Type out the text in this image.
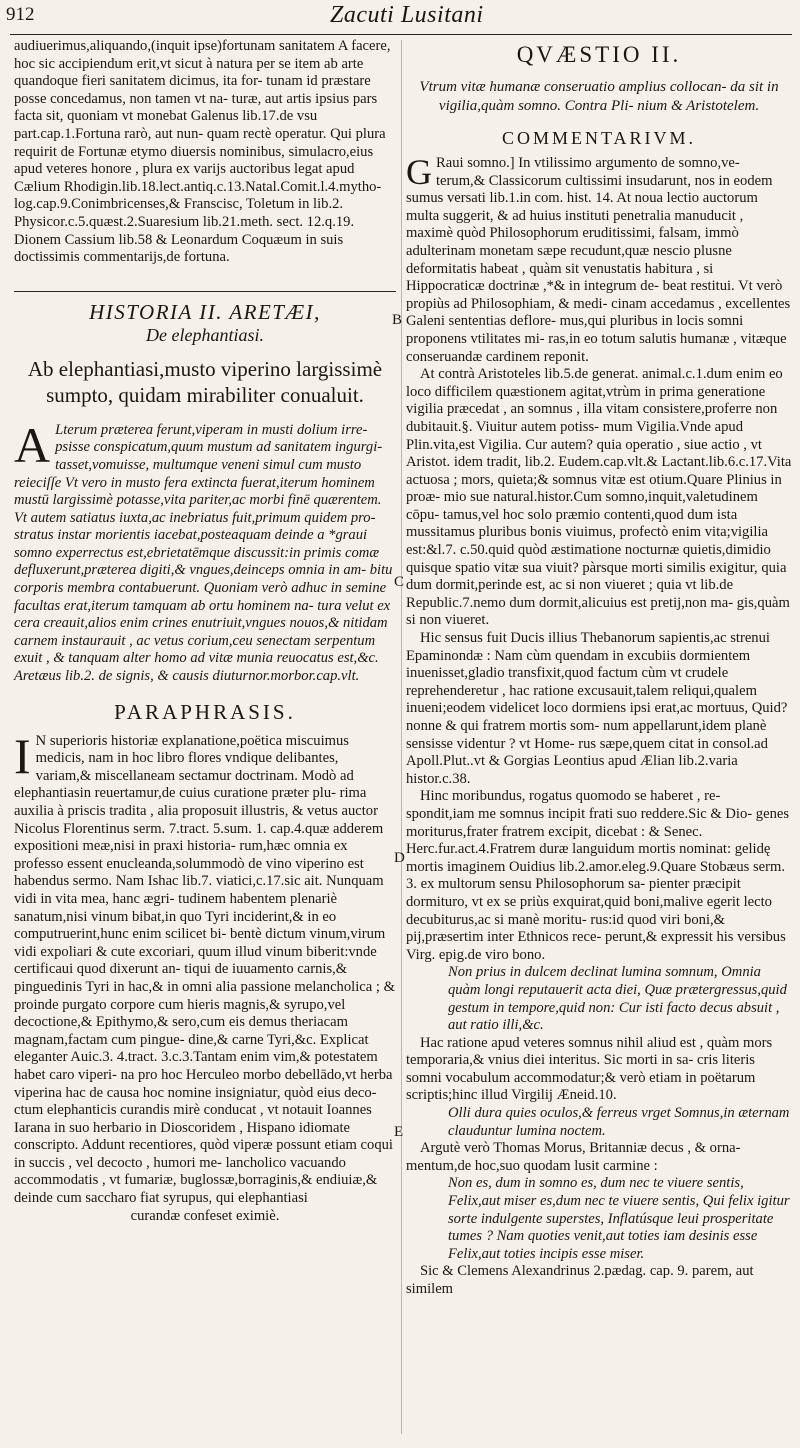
912	Zacuti Lusitani
B
C
D
E
audiuerimus,aliquando,(inquit ipse)fortunam sanitatem A facere, hoc sic accipiendum erit,vt sicut à natura per se item ab arte quandoque fieri sanitatem dicimus, ita for- tunam id præstare posse concedamus, non tamen vt na- turæ, aut artis ipsius pars facta sit, quoniam vt monebat Galenus lib.17.de vsu part.cap.1.Fortuna rarò, aut nun- quam rectè operatur. Qui plura requirit de Fortunæ etymo diuersis nominibus, simulacro,eius apud veteres honore , plura ex varijs auctoribus legat apud Cælium Rhodigin.lib.18.lect.antiq.c.13.Natal.Comit.l.4.mytho- log.cap.9.Conimbricenses,& Franscisc, Toletum in lib.2. Physicor.c.5.quæst.2.Suaresium lib.21.meth. sect. 12.q.19. Dionem Cassium lib.58 & Leonardum Coquæum in suis doctissimis commentarijs,de fortuna.
HISTORIA II. ARETÆI,
De elephantiasi.
Ab elephantiasi,musto viperino largissimè sumpto, quidam mirabiliter conualuit.
A Lterum præterea ferunt,viperam in musti dolium irre- psisse conspicatum,quum mustum ad sanitatem ingurgi- tasset,vomuisse, multumque veneni simul cum musto reieciſſe Vt vero in musto fera extincta fuerat,iterum hominem mustū largissimè potasse,vita pariter,ac morbi finē quærentem. Vt autem satiatus iuxta,ac inebriatus fuit,primum quidem pro- stratus instar morientis iacebat,posteaquam deinde a *graui somno experrectus est,ebrietatēmque discussit:in primis comæ defluxerunt,præterea digiti,& vngues,deinceps omnia in am- bitu corporis membra contabuerunt. Quoniam verò adhuc in semine facultas erat,iterum tamquam ab ortu hominem na- tura velut ex cera creauit,alios enim crines enutriuit,vngues nouos,& nitidam carnem instaurauit , ac vetus corium,ceu senectam serpentum exuit , & tanquam alter homo ad vitæ munia reuocatus est,&c. Aretæus lib.2. de signis, & causis diuturnor.morbor.cap.vlt.
PARAPHRASIS.
I N superioris historiæ explanatione,poëtica miscuimus medicis, nam in hoc libro flores vndique delibantes, variam,& miscellaneam sectamur doctrinam. Modò ad elephantiasin reuertamur,de cuius curatione præter plu- rima auxilia à priscis tradita , alia proposuit illustris, & vetus auctor Nicolus Florentinus serm. 7.tract. 5.sum. 1. cap.4.quæ adderem expositioni meæ,nisi in praxi historia- rum,hæc omnia ex professo essent enucleanda,solummodò de vino viperino est habendus sermo. Nam Ishac lib.7. viatici,c.17.sic ait. Nunquam vidi in vita mea, hanc ægri- tudinem habentem plenariè sanatum,nisi vinum bibat,in quo Tyri inciderint,& in eo computruerint,hunc enim scilicet bi- bentè dictum vinum,virum vidi expoliari & cute excoriari, quum illud vinum biberit:vnde certificaui quod dixerunt an- tiqui de iuuamento carnis,& pinguedinis Tyri in hac,& in omni alia passione melancholica ; & proinde purgato corpore cum hieris magnis,& syrupo,vel decoctione,& Epithymo,& sero,cum eis demus theriacam magnam,factam cum pingue- dine,& carne Tyri,&c. Explicat eleganter Auic.3. 4.tract. 3.c.3.Tantam enim vim,& potestatem habet caro viperi- na pro hoc Herculeo morbo debellādo,vt herba viperina hac de causa hoc nomine insigniatur, quòd eius deco- ctum elephanticis curandis mirè conducat , vt notauit Ioannes Iarana in suo herbario in Dioscoridem , Hispano idiomate conscripto. Addunt recentiores, quòd viperæ possunt etiam coqui in succis , vel decocto , humori me- lancholico vacuando accommodatis , vt fumariæ, buglossæ,borraginis,& endiuiæ,& deinde cum saccharo fiat syrupus, qui elephantiasi
curandæ confeset eximiè.
QVÆSTIO II.
Vtrum vitæ humanæ conseruatio amplius collocan- da sit in vigilia,quàm somno. Contra Pli- nium & Aristotelem.
COMMENTARIVM.
G Raui somno.] In vtilissimo argumento de somno,ve- terum,& Classicorum cultissimi insudarunt, nos in eodem sumus versati lib.1.in com. hist. 14. At noua lectio auctorum multa suggerit, & ad huius instituti penetralia manuducit , maximè quòd Philosophorum eruditissimi, falsam, immò adulterinam monetam sæpe recudunt,quæ nescio plusne deformitatis habeat , quàm sit venustatis habitura , si Hippocraticæ doctrinæ ,*& in integrum de- beat restitui. Vt verò propiùs ad Philosophiam, & medi- cinam accedamus , excellentes Galeni sententias deflore- mus,qui pluribus in locis somni proponens vtilitates mi- ras,in eo totum salutis humanæ , vitæque conseruandæ cardinem reponit.
At contrà Aristoteles lib.5.de generat. animal.c.1.dum enim eo loco difficilem quæstionem agitat,vtrùm in prima generatione vigilia præcedat , an somnus , illa vitam consistere,proferre non dubitauit.§. Viuitur autem potiss- mum Vigilia.Vnde apud Plin.vita,est Vigilia. Cur autem? quia operatio , siue actio , vt Aristot. idem tradit, lib.2. Eudem.cap.vlt.& Lactant.lib.6.c.17.Vita actuosa ; mors, quieta;& somnus vitæ est otium.Quare Plinius in proæ- mio sue natural.histor.Cum somno,inquit,valetudinem cōpu- tamus,vel hoc solo præmio contenti,quod dum ista mussitamus pluribus bonis viuimus, profectò enim vita;vigilia est:&l.7. c.50.quid quòd æstimatione nocturnæ quietis,dimidio quisque spatio vitæ sua viuit? pàrsque morti similis exigitur, quia dum dormit,perinde est, ac si non viueret ; quia vt lib.de Republic.7.nemo dum dormit,alicuius est pretij,non ma- gis,quàm si non viueret.
Hic sensus fuit Ducis illius Thebanorum sapientis,ac strenui Epaminondæ : Nam cùm quendam in excubiis dormientem inuenisset,gladio transfixit,quod factum cùm vt crudele reprehenderetur , hac ratione excusauit,talem reliqui,qualem inueni;eodem videlicet loco dormiens ipsi erat,ac mortuus, Quid?nonne & qui fratrem mortis som- num appellarunt,idem planè sensisse videntur ? vt Home- rus sæpe,quem citat in consol.ad Apoll.Plut..vt & Gorgias Leontius apud Ælian lib.2.varia histor.c.38.
Hinc moribundus, rogatus quomodo se haberet , re- spondit,iam me somnus incipit frati suo reddere.Sic & Dio- genes moriturus,frater fratrem excipit, dicebat : & Senec. Herc.fur.act.4.Fratrem duræ languidum mortis nominat: gelidę mortis imaginem Ouidius lib.2.amor.eleg.9.Quare Stobæus serm. 3. ex multorum sensu Philosophorum sa- pienter præcipit dormituro, vt ex se priùs exquirat,quid boni,malive egerit lecto decubiturus,ac si manè moritu- rus:id quod viri boni,& pij,præsertim inter Ethnicos rece- perunt,& expressit his versibus Virg. epig.de viro bono.
Non prius in dulcem declinat lumina somnum, Omnia quàm longi reputauerit acta diei, Quæ prætergressus,quid gestum in tempore,quid non: Cur isti facto decus absuit , aut ratio illi,&c.
Hac ratione apud veteres somnus nihil aliud est , quàm mors temporaria,& vnius diei interitus. Sic morti in sa- cris literis somni vocabulum accommodatur;& verò etiam in poëtarum scriptis;hinc illud Virgilij Æneid.10.
Olli dura quies oculos,& ferreus vrget Somnus,in æternam clauduntur lumina noctem.
Argutè verò Thomas Morus, Britanniæ decus , & orna- mentum,de hoc,suo quodam lusit carmine :
Non es, dum in somno es, dum nec te viuere sentis, Felix,aut miser es,dum nec te viuere sentis, Qui felix igitur sorte indulgente superstes, Inflatúsque leui prosperitate tumes ? Nam quoties venit,aut toties iam desinis esse Felix,aut toties incipis esse miser.
Sic & Clemens Alexandrinus 2.pædag. cap. 9. parem, aut similem
